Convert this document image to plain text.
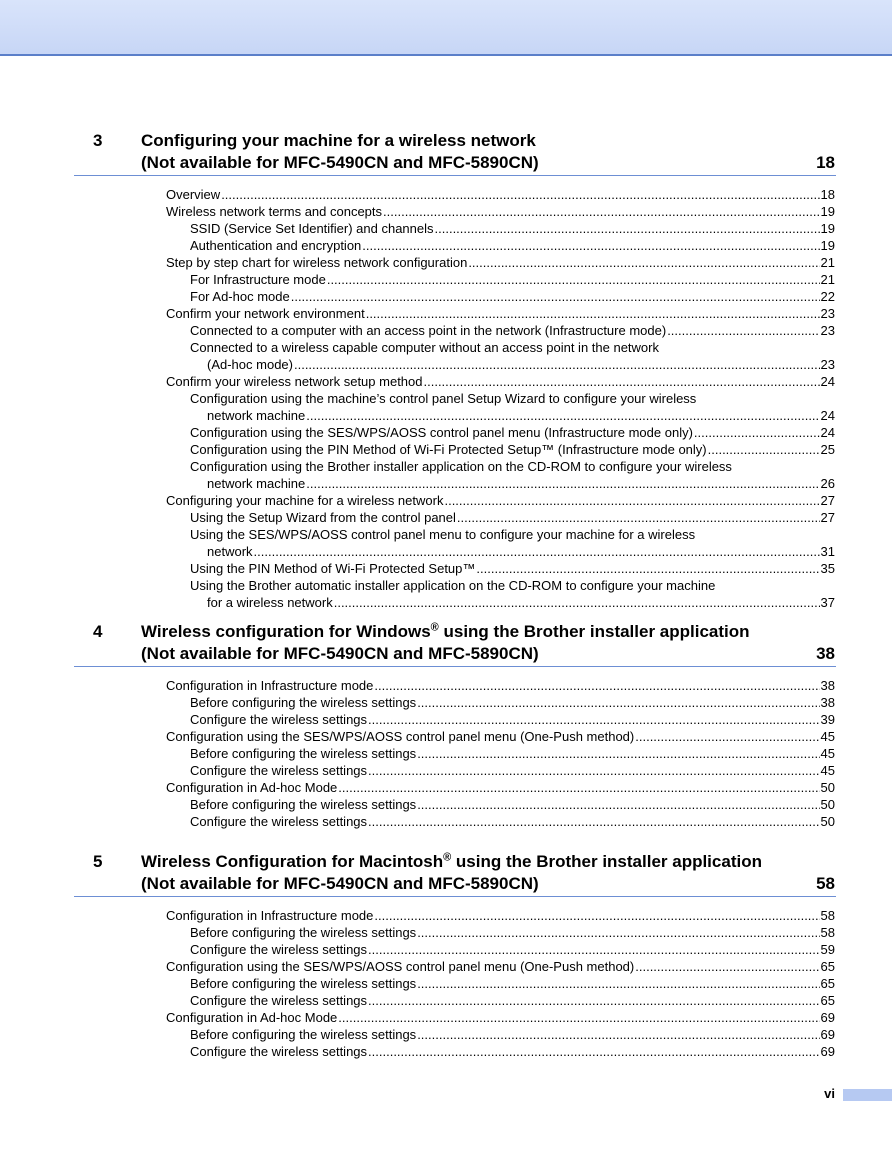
3 Configuring your machine for a wireless network
(Not available for MFC-5490CN and MFC-5890CN)	18
Overview .....	18
Wireless network terms and concepts .....	19
SSID (Service Set Identifier) and channels .....	19
Authentication and encryption .....	19
Step by step chart for wireless network configuration .....	21
For Infrastructure mode .....	21
For Ad-hoc mode .....	22
Confirm your network environment .....	23
Connected to a computer with an access point in the network (Infrastructure mode) .....	23
Connected to a wireless capable computer without an access point in the network
(Ad-hoc mode) .....	23
Confirm your wireless network setup method .....	24
Configuration using the machine’s control panel Setup Wizard to configure your wireless
network machine .....	24
Configuration using the SES/WPS/AOSS control panel menu (Infrastructure mode only) .....	24
Configuration using the PIN Method of Wi-Fi Protected Setup™ (Infrastructure mode only) .....	25
Configuration using the Brother installer application on the CD-ROM to configure your wireless
network machine .....	26
Configuring your machine for a wireless network .....	27
Using the Setup Wizard from the control panel .....	27
Using the SES/WPS/AOSS control panel menu to configure your machine for a wireless
network .....	31
Using the PIN Method of Wi-Fi Protected Setup™ .....	35
Using the Brother automatic installer application on the CD-ROM to configure your machine
for a wireless network .....	37
4 Wireless configuration for Windows® using the Brother installer application
(Not available for MFC-5490CN and MFC-5890CN)	38
Configuration in Infrastructure mode .....	38
Before configuring the wireless settings .....	38
Configure the wireless settings .....	39
Configuration using the SES/WPS/AOSS control panel menu (One-Push method) .....	45
Before configuring the wireless settings .....	45
Configure the wireless settings .....	45
Configuration in Ad-hoc Mode .....	50
Before configuring the wireless settings .....	50
Configure the wireless settings .....	50
5 Wireless Configuration for Macintosh® using the Brother installer application
(Not available for MFC-5490CN and MFC-5890CN)	58
Configuration in Infrastructure mode .....	58
Before configuring the wireless settings .....	58
Configure the wireless settings .....	59
Configuration using the SES/WPS/AOSS control panel menu (One-Push method) .....	65
Before configuring the wireless settings .....	65
Configure the wireless settings .....	65
Configuration in Ad-hoc Mode .....	69
Before configuring the wireless settings .....	69
Configure the wireless settings .....	69
vi
